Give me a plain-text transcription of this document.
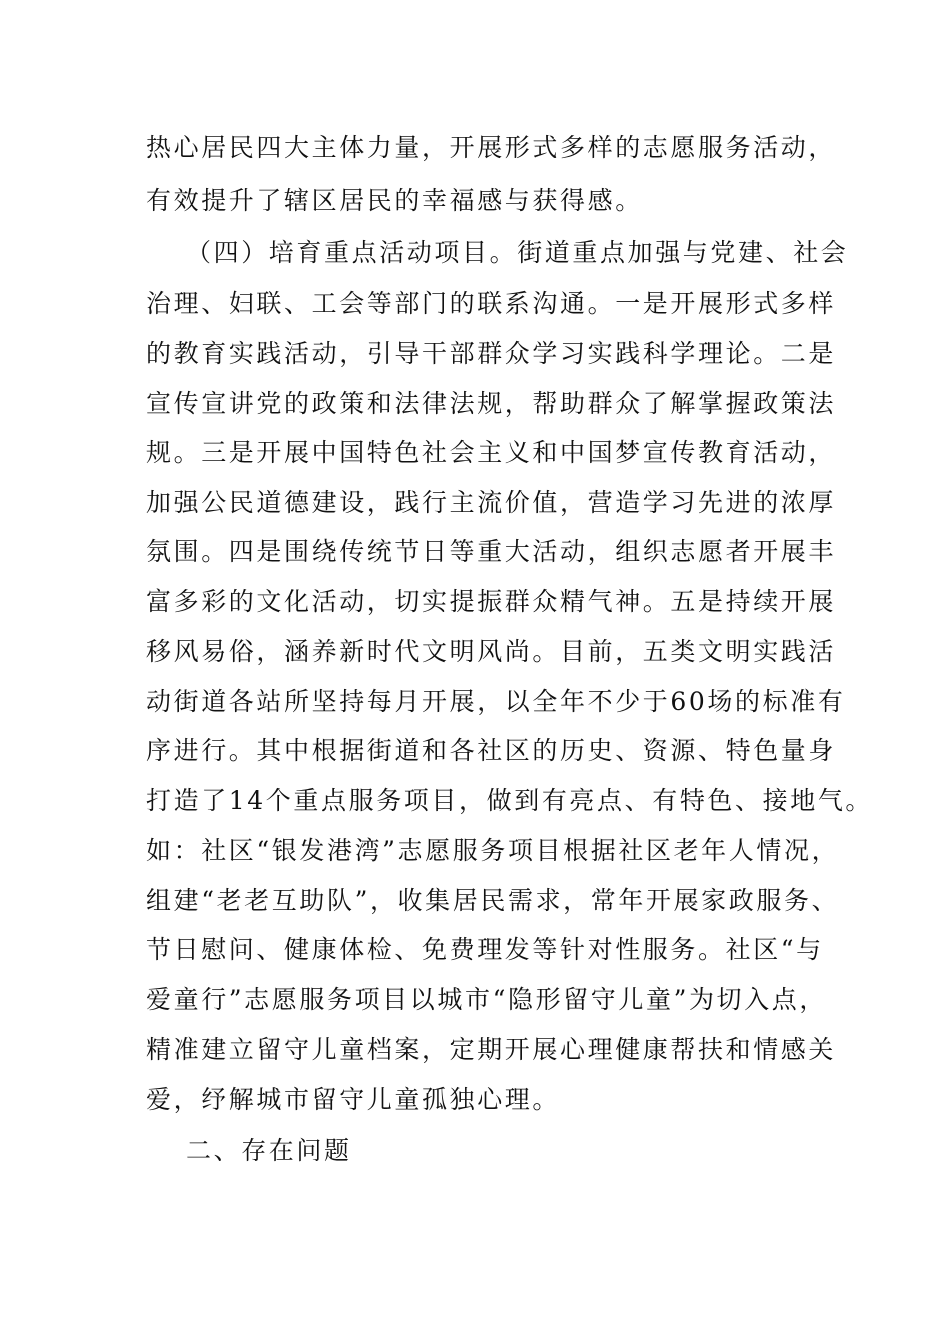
热心居民四大主体力量，开展形式多样的志愿服务活动，
有效提升了辖区居民的幸福感与获得感。
（四）培育重点活动项目。街道重点加强与党建、社会
治理、妇联、工会等部门的联系沟通。一是开展形式多样
的教育实践活动，引导干部群众学习实践科学理论。二是
宣传宣讲党的政策和法律法规，帮助群众了解掌握政策法
规。三是开展中国特色社会主义和中国梦宣传教育活动，
加强公民道德建设，践行主流价值，营造学习先进的浓厚
氛围。四是围绕传统节日等重大活动，组织志愿者开展丰
富多彩的文化活动，切实提振群众精气神。五是持续开展
移风易俗，涵养新时代文明风尚。目前，五类文明实践活
动街道各站所坚持每月开展，以全年不少于60场的标准有
序进行。其中根据街道和各社区的历史、资源、特色量身
打造了14个重点服务项目，做到有亮点、有特色、接地气。
如：社区“银发港湾”志愿服务项目根据社区老年人情况，
组建“老老互助队”，收集居民需求，常年开展家政服务、
节日慰问、健康体检、免费理发等针对性服务。社区“与
爱童行”志愿服务项目以城市“隐形留守儿童”为切入点，
精准建立留守儿童档案，定期开展心理健康帮扶和情感关
爱，纾解城市留守儿童孤独心理。
二、存在问题
